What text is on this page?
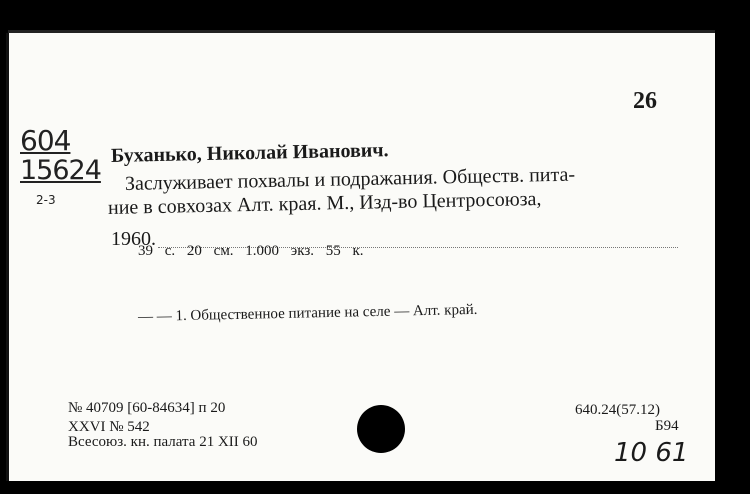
26
604
15624
2-3
Буханько, Николай Иванович.
Заслуживает похвалы и подражания. Обществ. пита-
ние в совхозах Алт. края. М., Изд-во Центросоюза,
1960.
39 с. 20 см. 1.000 экз. 55 к.
— — 1. Общественное питание на селе — Алт. край.
№ 40709 [60-84634] п 20
XXVI № 542
Всесоюз. кн. палата 21 XII 60
640.24(57.12)
Б94
10 61
